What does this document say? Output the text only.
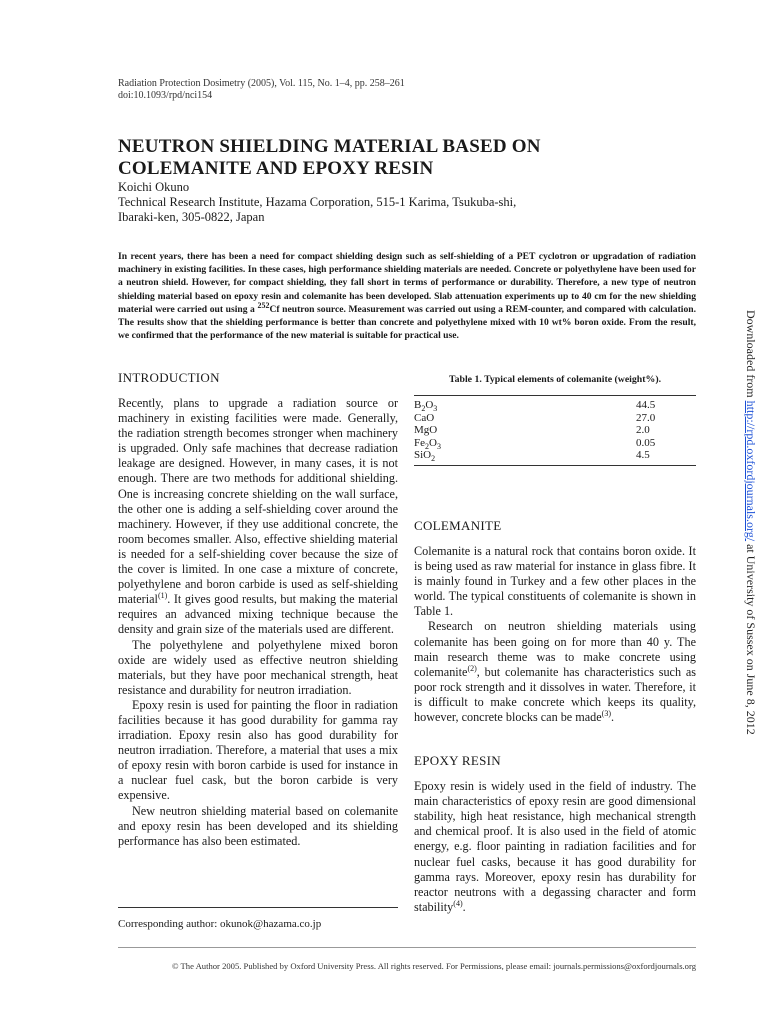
Radiation Protection Dosimetry (2005), Vol. 115, No. 1–4, pp. 258–261
doi:10.1093/rpd/nci154
NEUTRON SHIELDING MATERIAL BASED ON
COLEMANITE AND EPOXY RESIN
Koichi Okuno
Technical Research Institute, Hazama Corporation, 515-1 Karima, Tsukuba-shi,
Ibaraki-ken, 305-0822, Japan
In recent years, there has been a need for compact shielding design such as self-shielding of a PET cyclotron or upgradation of radiation machinery in existing facilities. In these cases, high performance shielding materials are needed. Concrete or polyethylene have been used for a neutron shield. However, for compact shielding, they fall short in terms of performance or durability. Therefore, a new type of neutron shielding material based on epoxy resin and colemanite has been developed. Slab attenuation experiments up to 40 cm for the new shielding material were carried out using a $^{252}$Cf neutron source. Measurement was carried out using a REM-counter, and compared with calculation. The results show that the shielding performance is better than concrete and polyethylene mixed with 10 wt% boron oxide. From the result, we confirmed that the performance of the new material is suitable for practical use.
INTRODUCTION

Recently, plans to upgrade a radiation source or machinery in existing facilities were made. Generally, the radiation strength becomes stronger when machinery is upgraded. Only safe machines that decrease radiation leakage are designed. However, in many cases, it is not enough. There are two methods for additional shielding. One is increasing concrete shielding on the wall surface, the other one is adding a self-shielding cover around the machinery. However, if they use additional concrete, the room becomes smaller. Also, effective shielding material is needed for a self-shielding cover because the size of the cover is limited. In one case a mixture of concrete, polyethylene and boron carbide is used as self-shielding material$^{(1)}$. It gives good results, but making the material requires an advanced mixing technique because the density and grain size of the materials used are different.

The polyethylene and polyethylene mixed boron oxide are widely used as effective neutron shielding materials, but they have poor mechanical strength, heat resistance and durability for neutron irradiation.

Epoxy resin is used for painting the floor in radiation facilities because it has good durability for gamma ray irradiation. Epoxy resin also has good durability for neutron irradiation. Therefore, a material that uses a mix of epoxy resin with boron carbide is used for instance in a nuclear fuel cask, but the boron carbide is very expensive.

New neutron shielding material based on colemanite and epoxy resin has been developed and its shielding performance has also been estimated.

Corresponding author: okunok@hazama.co.jp
Table 1. Typical elements of colemanite (weight%).
$B_2O_3$	44.5
CaO	27.0
MgO	2.0
$Fe_2O_3$	0.05
SiO$_2$	4.5
COLEMANITE

Colemanite is a natural rock that contains boron oxide. It is being used as raw material for instance in glass fibre. It is mainly found in Turkey and a few other places in the world. The typical constituents of colemanite is shown in Table 1.

Research on neutron shielding materials using colemanite has been going on for more than 40 y. The main research theme was to make concrete using colemanite$^{(2)}$, but colemanite has characteristics such as poor rock strength and it dissolves in water. Therefore, it is difficult to make concrete which keeps its quality, however, concrete blocks can be made$^{(3)}$.

EPOXY RESIN

Epoxy resin is widely used in the field of industry. The main characteristics of epoxy resin are good dimensional stability, high heat resistance, high mechanical strength and chemical proof. It is also used in the field of atomic energy, e.g. floor painting in radiation facilities and for nuclear fuel casks, because it has good durability for gamma rays. Moreover, epoxy resin has durability for reactor neutrons with a degassing character and form stability$^{(4)}$.

© The Author 2005. Published by Oxford University Press. All rights reserved. For Permissions, please email: journals.permissions@oxfordjournals.org
Downloaded from http://rpd.oxfordjournals.org/ at University of Sussex on June 8, 2012
